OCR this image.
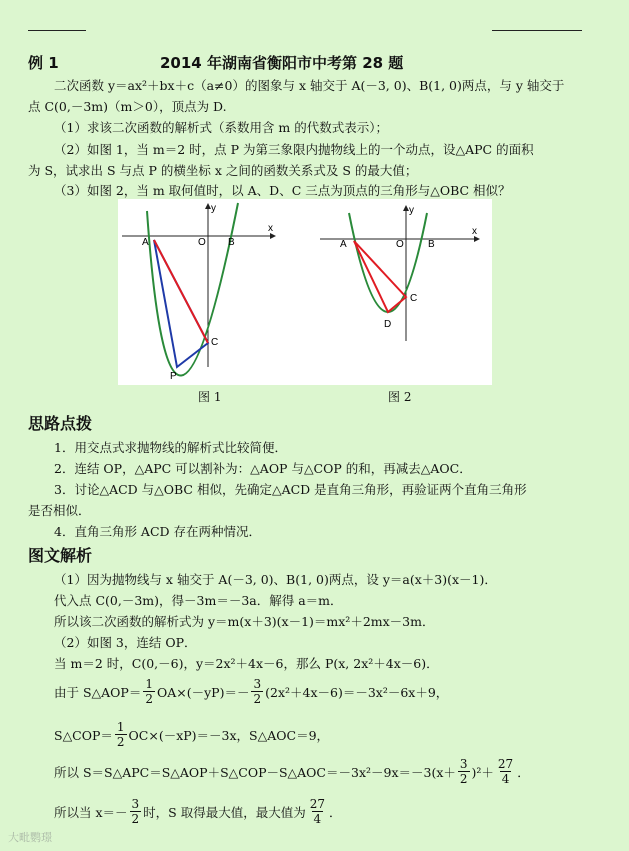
例 1	2014 年湖南省衡阳市中考第 28 题
二次函数 y＝ax²＋bx＋c（a≠0）的图象与 x 轴交于 A(－3, 0)、B(1, 0)两点，与 y 轴交于
点 C(0,－3m)（m＞0），顶点为 D.
（1）求该二次函数的解析式（系数用含 m 的代数式表示）；
（2）如图 1，当 m＝2 时，点 P 为第三象限内抛物线上的一个动点，设△APC 的面积
为 S，试求出 S 与点 P 的横坐标 x 之间的函数关系式及 S 的最大值；
（3）如图 2，当 m 取何值时，以 A、D、C 三点为顶点的三角形与△OBC 相似？
A	O B
C
P
x
y
A	O B
C
D
x
y
图 1	图 2
思路点拨
1．用交点式求抛物线的解析式比较简便．
2．连结 OP，△APC 可以割补为：△AOP 与△COP 的和，再减去△AOC．
3．讨论△ACD 与△OBC 相似，先确定△ACD 是直角三角形，再验证两个直角三角形
是否相似．
4．直角三角形 ACD 存在两种情况．
图文解析
（1）因为抛物线与 x 轴交于 A(－3, 0)、B(1, 0)两点，设 y＝a(x＋3)(x－1)．
代入点 C(0,－3m)，得－3m＝－3a．解得 a＝m．
所以该二次函数的解析式为 y＝m(x＋3)(x－1)＝mx²＋2mx－3m．
（2）如图 3，连结 OP．
当 m＝2 时，C(0,－6)，y＝2x²＋4x－6，那么 P(x, 2x²＋4x－6)．
由于 S△AOP＝ $\frac{1}{2} OA\times(-yP)=- \frac{3}{2} (2x^2+4x-6)=-3x^2-6x+9$，
S△COP＝ $\frac{1}{2} OC\times(-xP)=-3x$，S△AOC＝9，
所以 S＝S△APC＝S△AOP＋S△COP－S△AOC＝－3x²－9x＝－3(x＋ $\frac{3}{2} )^2+ \frac{27}{4}$ ．
所以当 $x=- \frac{3}{2}$ 时，S 取得最大值，最大值为 $\frac{27}{4}$ ．
大毗鹦璟
